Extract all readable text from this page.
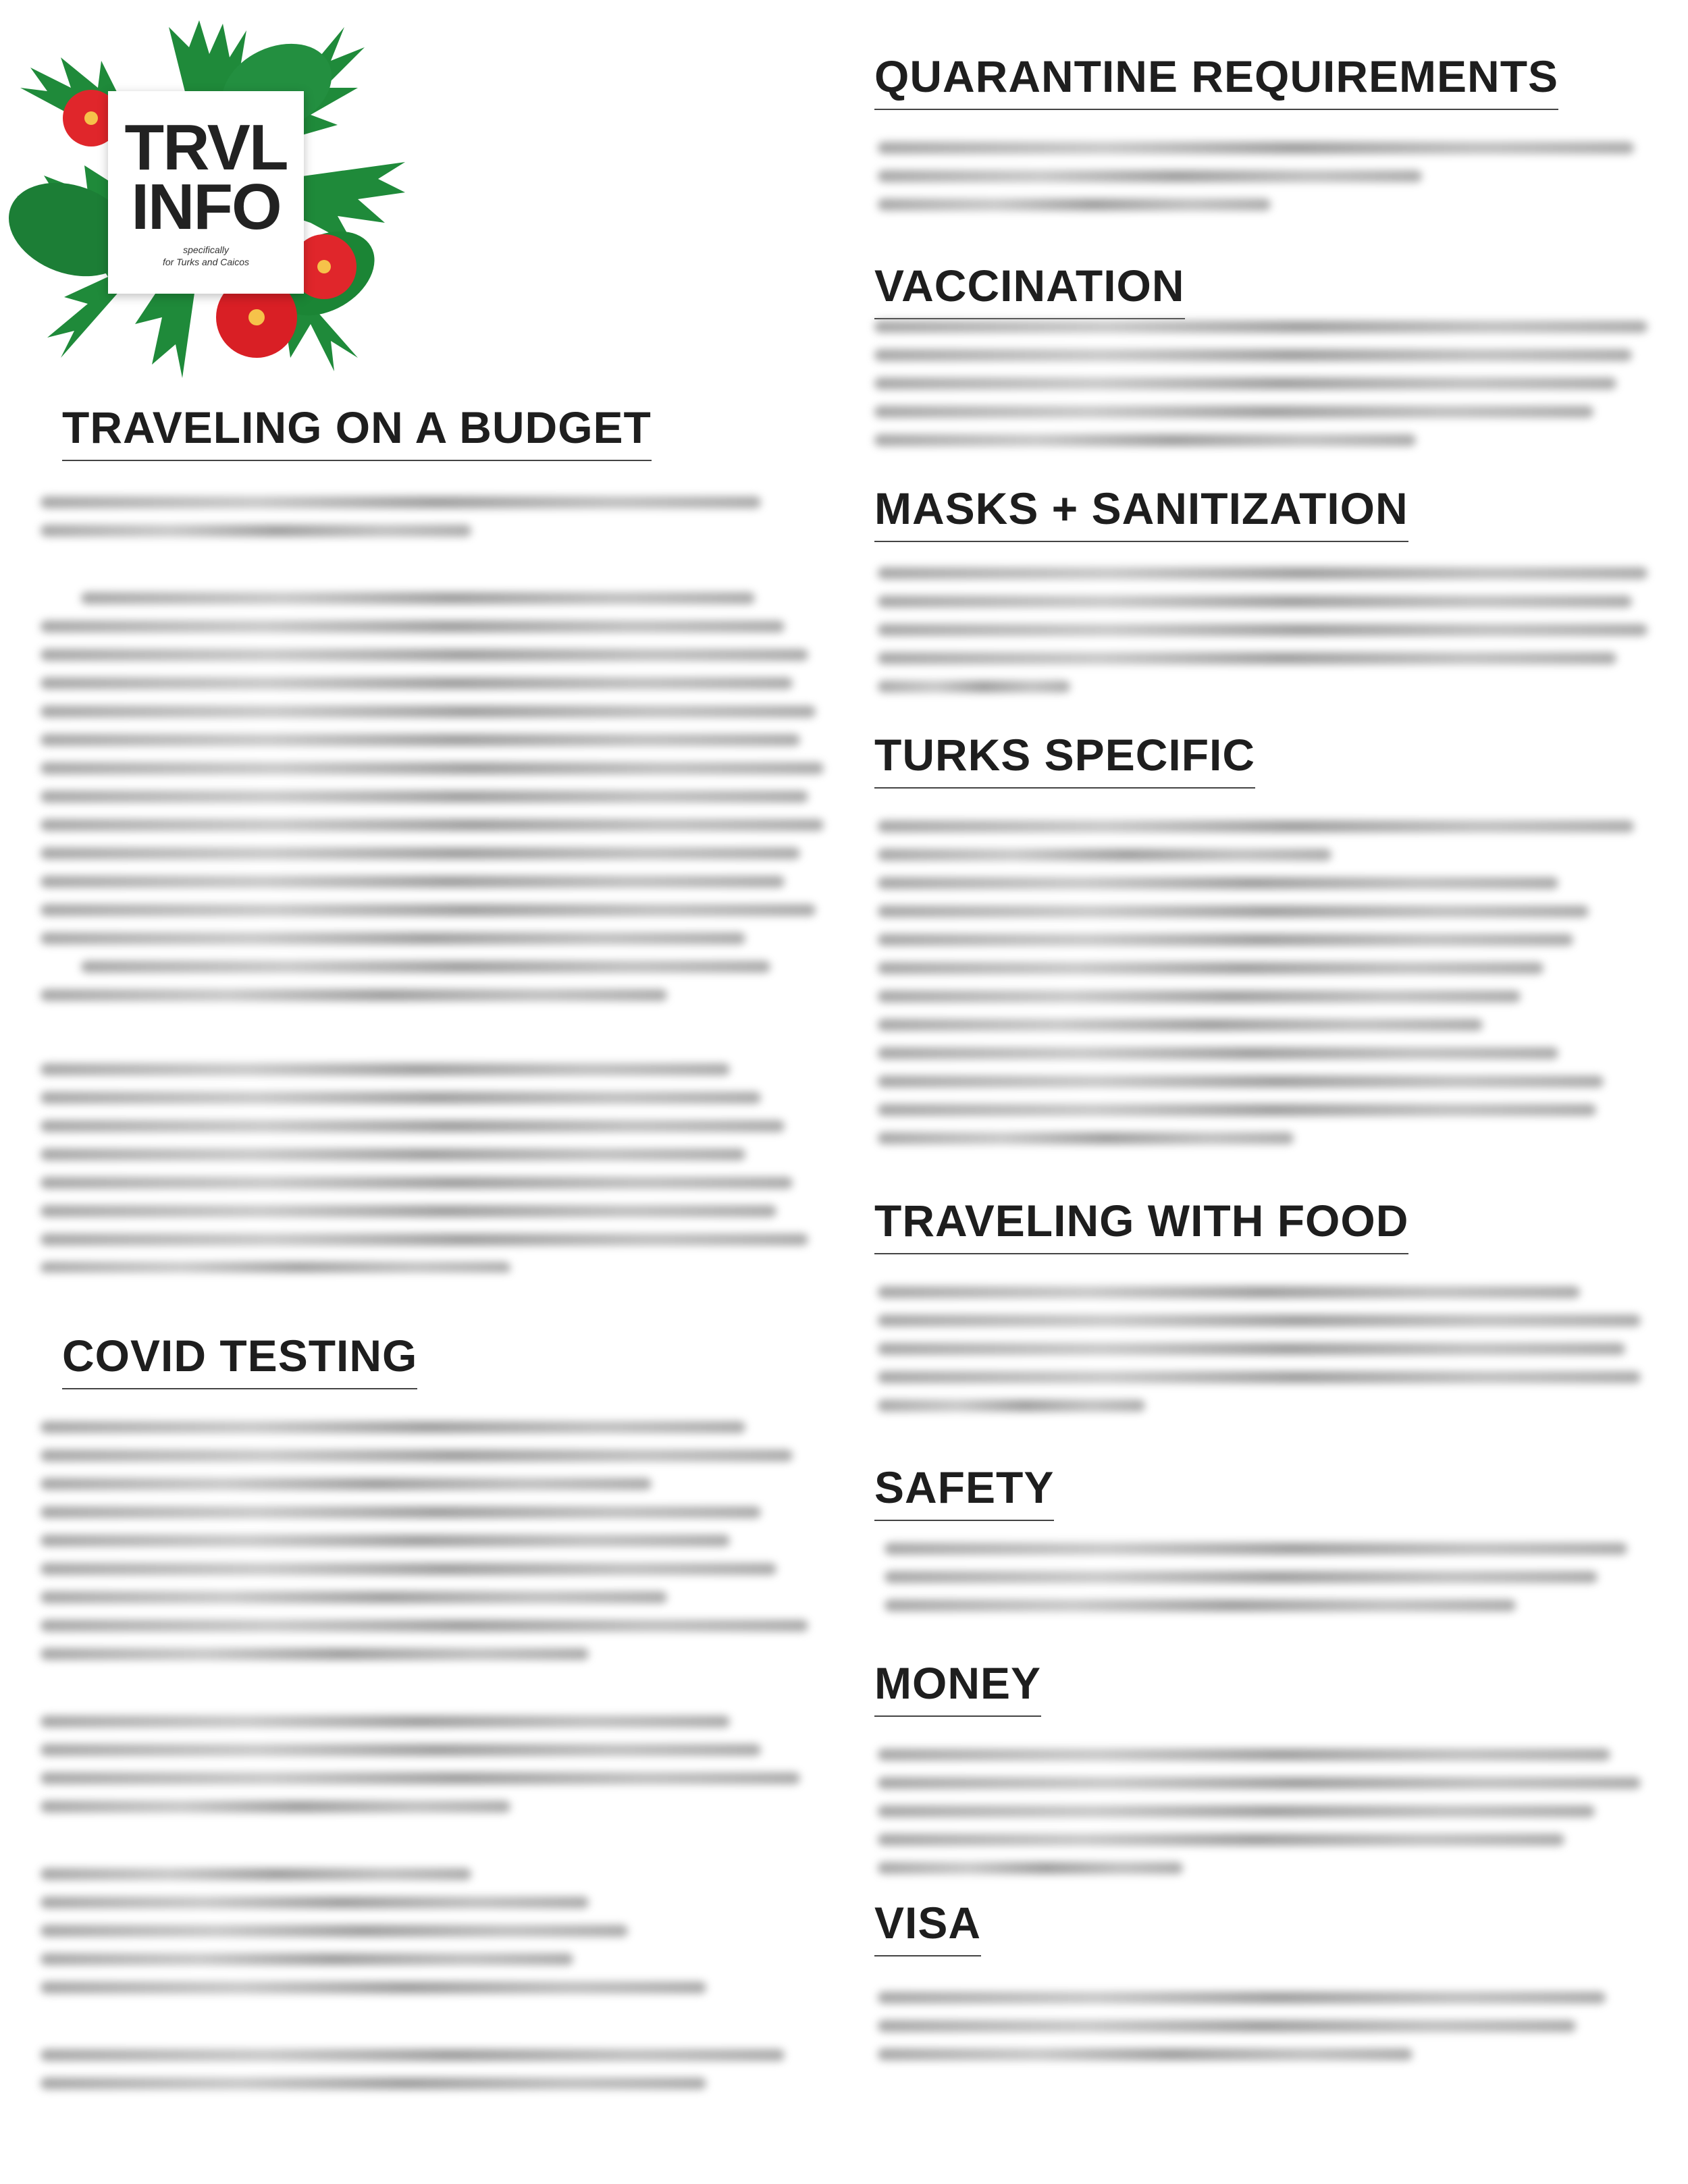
TRVL
INFO
specifically
for Turks and Caicos
TRAVELING ON A BUDGET
COVID TESTING
QUARANTINE REQUIREMENTS
VACCINATION
MASKS + SANITIZATION
TURKS SPECIFIC
TRAVELING WITH FOOD
SAFETY
MONEY
VISA
